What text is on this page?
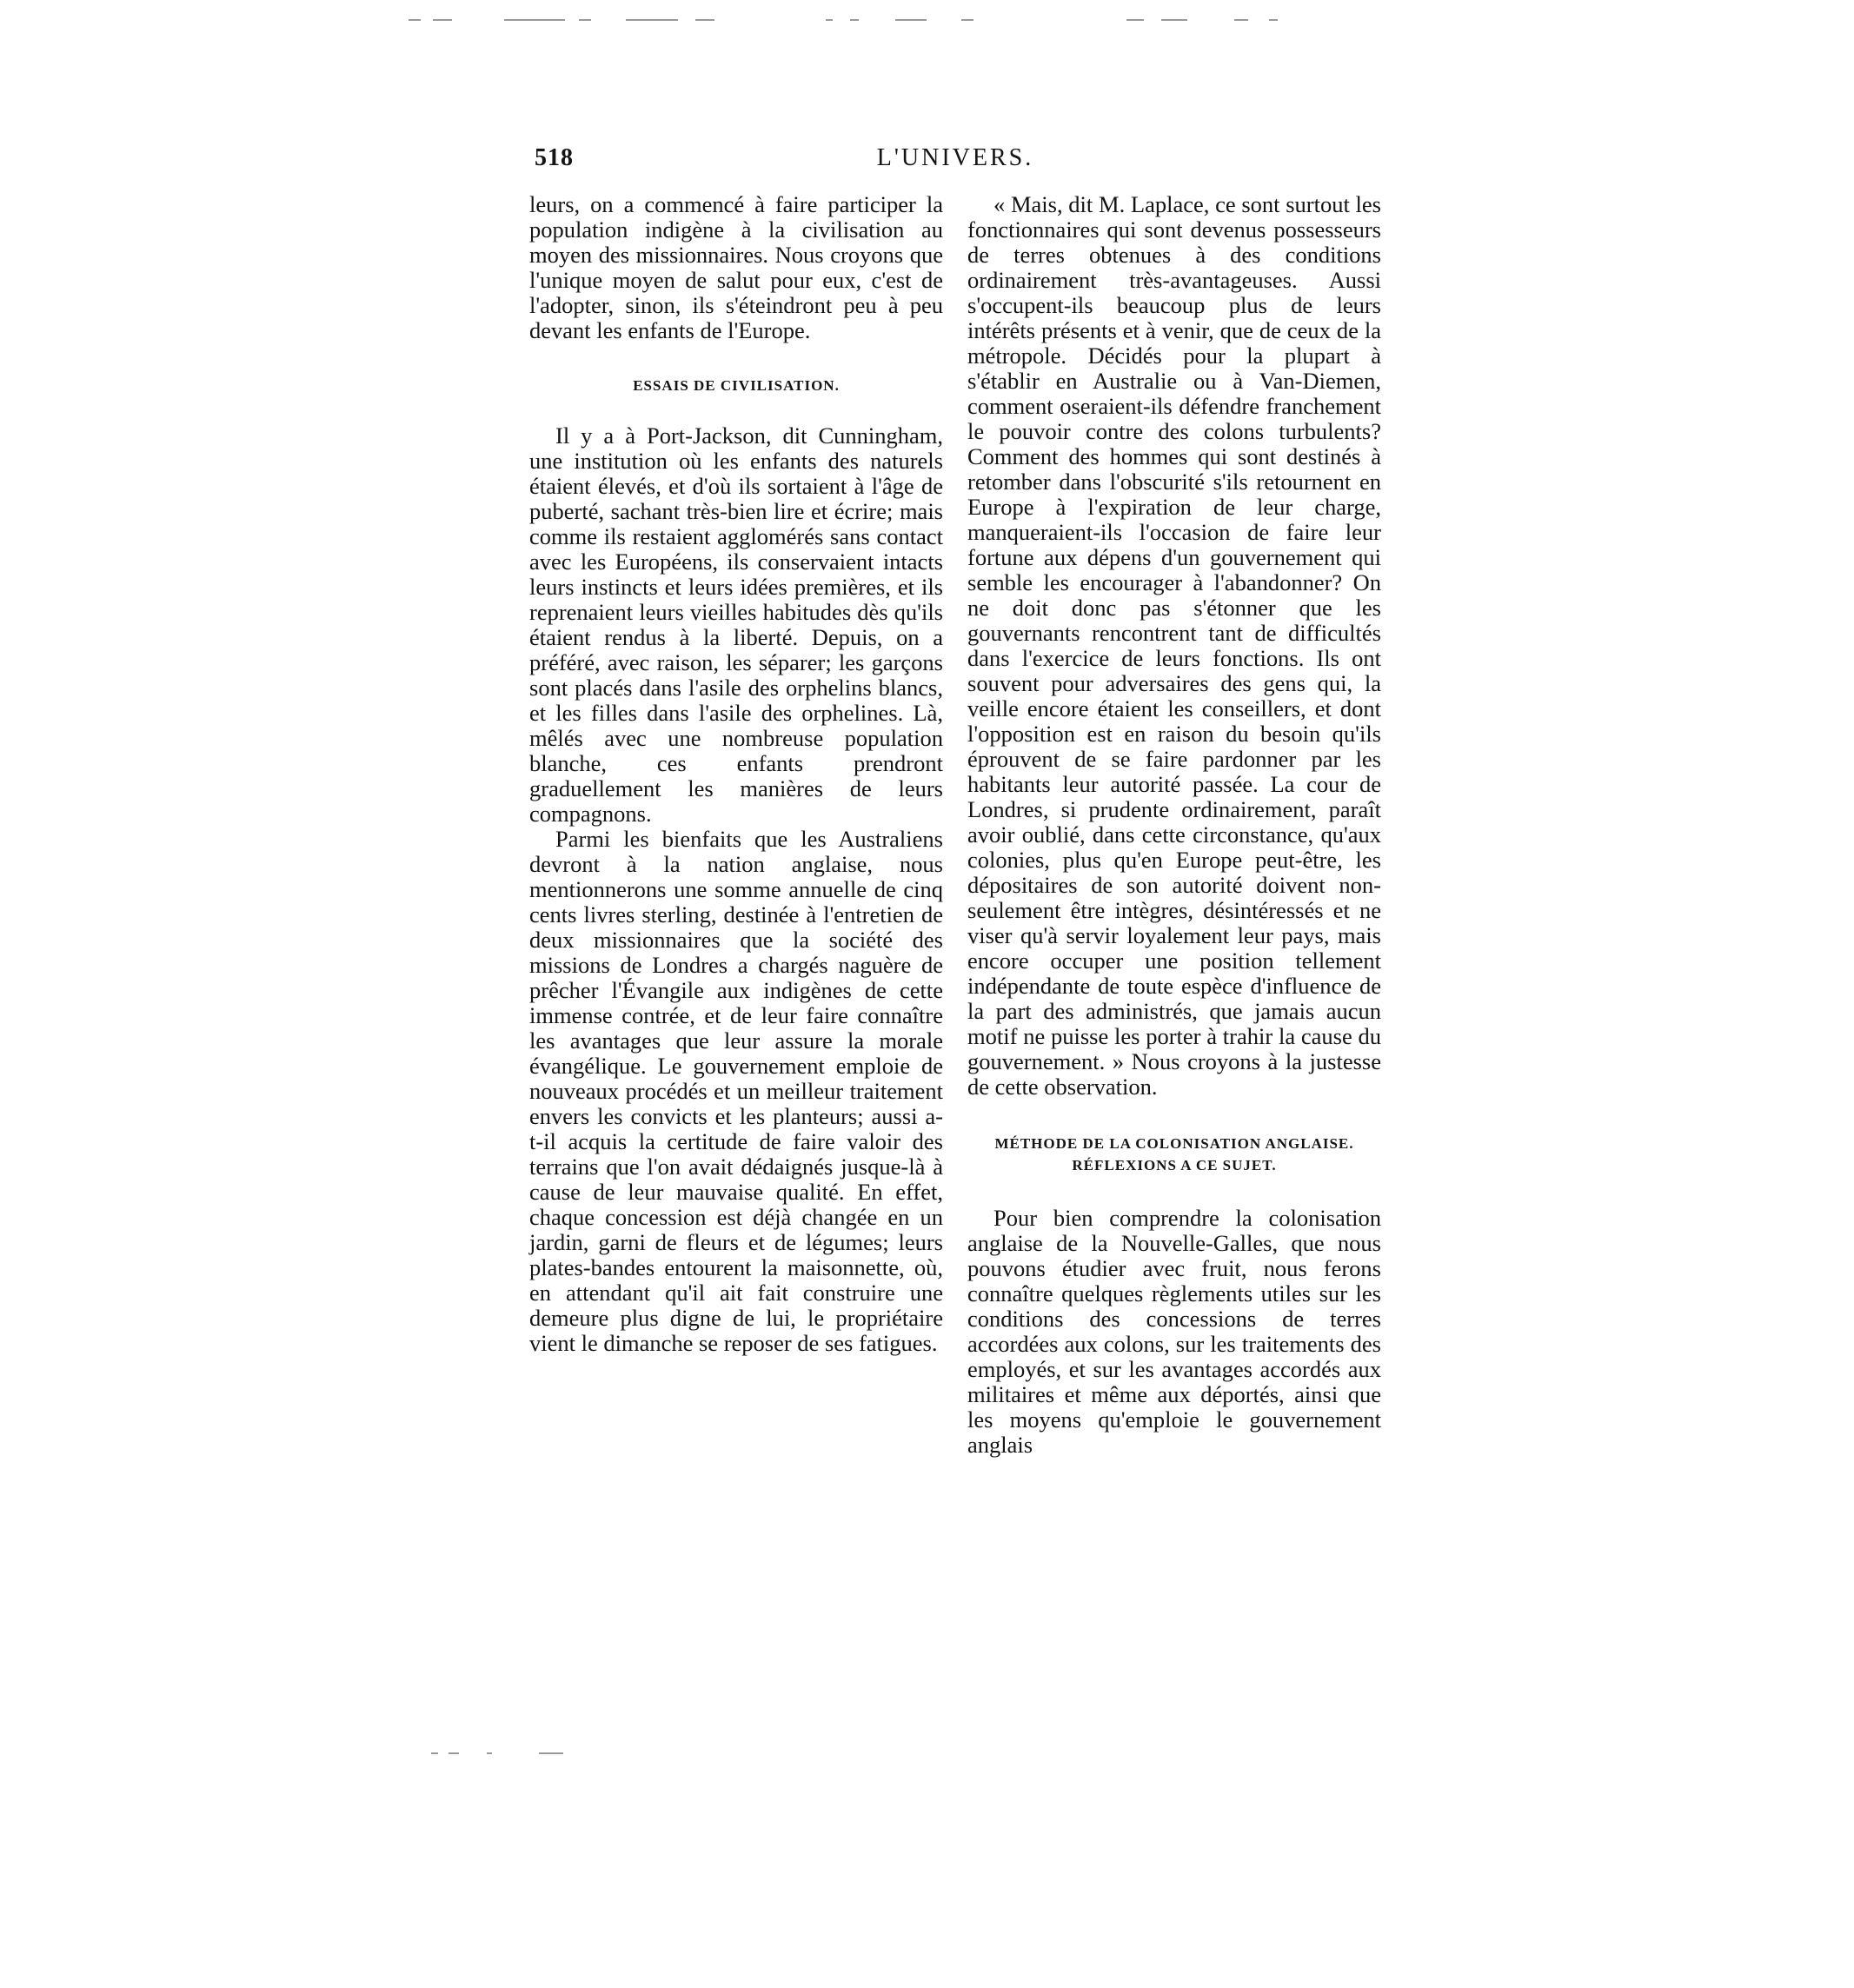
518	L'UNIVERS.

leurs, on a commencé à faire participer la population indigène à la civilisation au moyen des missionnaires. Nous croyons que l'unique moyen de salut pour eux, c'est de l'adopter, sinon, ils s'éteindront peu à peu devant les enfants de l'Europe.

ESSAIS DE CIVILISATION.

Il y a à Port-Jackson, dit Cunningham, une institution où les enfants des naturels étaient élevés, et d'où ils sortaient à l'âge de puberté, sachant très-bien lire et écrire; mais comme ils restaient agglomérés sans contact avec les Européens, ils conservaient intacts leurs instincts et leurs idées premières, et ils reprenaient leurs vieilles habitudes dès qu'ils étaient rendus à la liberté. Depuis, on a préféré, avec raison, les séparer; les garçons sont placés dans l'asile des orphelins blancs, et les filles dans l'asile des orphelines. Là, mêlés avec une nombreuse population blanche, ces enfants prendront graduellement les manières de leurs compagnons.

Parmi les bienfaits que les Australiens devront à la nation anglaise, nous mentionnerons une somme annuelle de cinq cents livres sterling, destinée à l'entretien de deux missionnaires que la société des missions de Londres a chargés naguère de prêcher l'Évangile aux indigènes de cette immense contrée, et de leur faire connaître les avantages que leur assure la morale évangélique. Le gouvernement emploie de nouveaux procédés et un meilleur traitement envers les convicts et les planteurs; aussi a-t-il acquis la certitude de faire valoir des terrains que l'on avait dédaignés jusque-là à cause de leur mauvaise qualité. En effet, chaque concession est déjà changée en un jardin, garni de fleurs et de légumes; leurs plates-bandes entourent la maisonnette, où, en attendant qu'il ait fait construire une demeure plus digne de lui, le propriétaire vient le dimanche se reposer de ses fatigues.

« Mais, dit M. Laplace, ce sont surtout les fonctionnaires qui sont devenus possesseurs de terres obtenues à des conditions ordinairement très-avantageuses. Aussi s'occupent-ils beaucoup plus de leurs intérêts présents et à venir, que de ceux de la métropole. Décidés pour la plupart à s'établir en Australie ou à Van-Diemen, comment oseraient-ils défendre franchement le pouvoir contre des colons turbulents? Comment des hommes qui sont destinés à retomber dans l'obscurité s'ils retournent en Europe à l'expiration de leur charge, manqueraient-ils l'occasion de faire leur fortune aux dépens d'un gouvernement qui semble les encourager à l'abandonner? On ne doit donc pas s'étonner que les gouvernants rencontrent tant de difficultés dans l'exercice de leurs fonctions. Ils ont souvent pour adversaires des gens qui, la veille encore étaient les conseillers, et dont l'opposition est en raison du besoin qu'ils éprouvent de se faire pardonner par les habitants leur autorité passée. La cour de Londres, si prudente ordinairement, paraît avoir oublié, dans cette circonstance, qu'aux colonies, plus qu'en Europe peut-être, les dépositaires de son autorité doivent non-seulement être intègres, désintéressés et ne viser qu'à servir loyalement leur pays, mais encore occuper une position tellement indépendante de toute espèce d'influence de la part des administrés, que jamais aucun motif ne puisse les porter à trahir la cause du gouvernement. » Nous croyons à la justesse de cette observation.

MÉTHODE DE LA COLONISATION ANGLAISE.
RÉFLEXIONS A CE SUJET.

Pour bien comprendre la colonisation anglaise de la Nouvelle-Galles, que nous pouvons étudier avec fruit, nous ferons connaître quelques règlements utiles sur les conditions des concessions de terres accordées aux colons, sur les traitements des employés, et sur les avantages accordés aux militaires et même aux déportés, ainsi que les moyens qu'emploie le gouvernement anglais
